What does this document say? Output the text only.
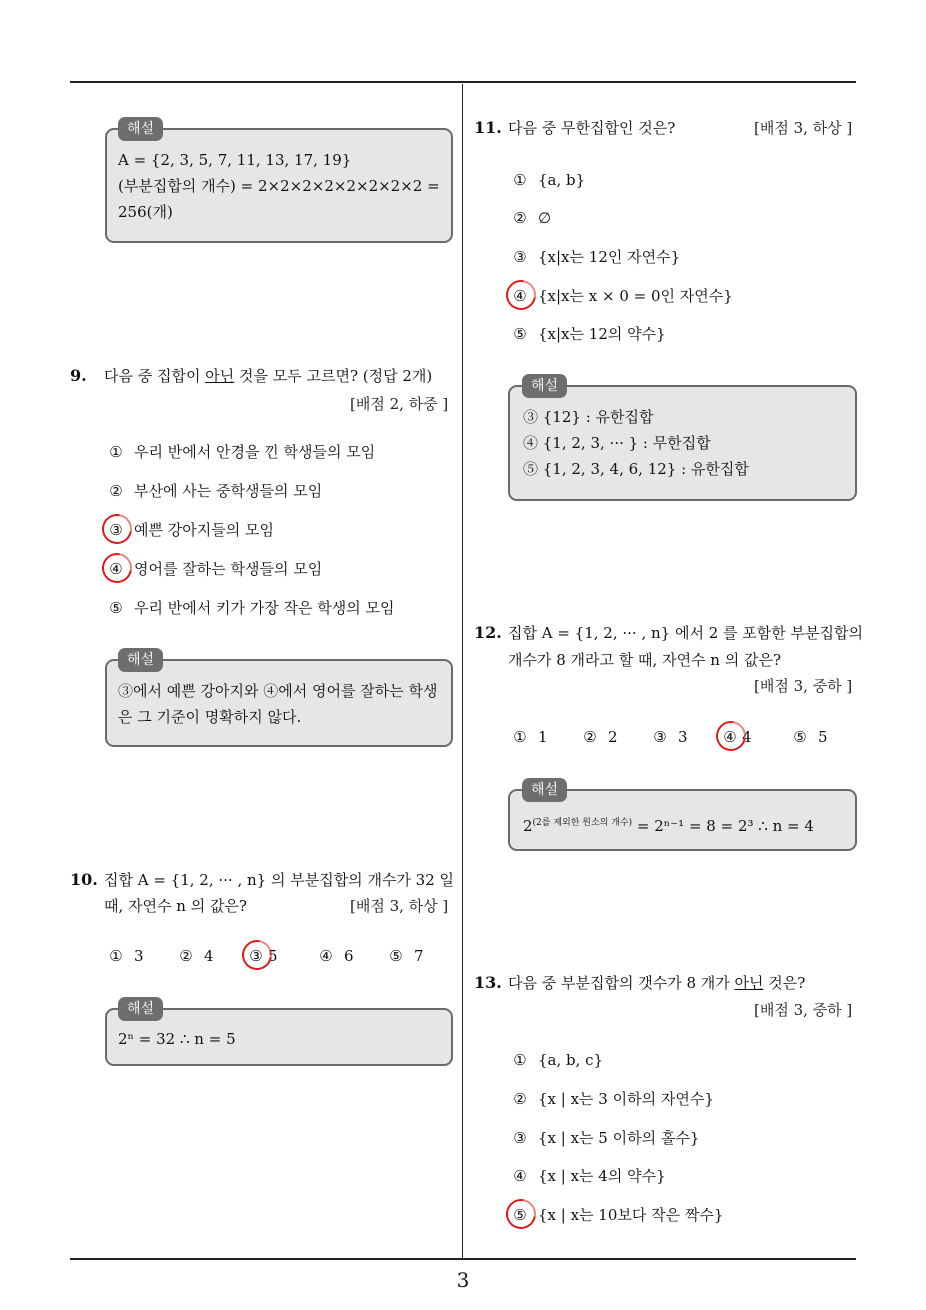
3
A = {2, 3, 5, 7, 11, 13, 17, 19}
(부분집합의 개수) = 2×2×2×2×2×2×2×2 =
256(개)
해설
9. 다음 중 집합이 아닌 것을 모두 고르면? (정답 2개)
[배점 2, 하중 ]
① 우리 반에서 안경을 낀 학생들의 모임
② 부산에 사는 중학생들의 모임
③ 예쁜 강아지들의 모임
④ 영어를 잘하는 학생들의 모임
⑤ 우리 반에서 키가 가장 작은 학생의 모임
③에서 예쁜 강아지와 ④에서 영어를 잘하는 학생
은 그 기준이 명확하지 않다.
해설
10. 집합 A = {1, 2, ··· , n} 의 부분집합의 개수가 32 일
때, 자연수 n 의 값은?	[배점 3, 하상 ]
① 3 ② 4 ③ 5	④ 6 ⑤ 7
2ⁿ = 32 ∴ n = 5
해설
11. 다음 중 무한집합인 것은?	[배점 3, 하상 ]
① {a, b}
② ∅
③ {x|x는 12인 자연수}
④ {x|x는 x × 0 = 0인 자연수}
⑤ {x|x는 12의 약수}
③ {12} : 유한집합
④ {1, 2, 3, ··· } : 무한집합
⑤ {1, 2, 3, 4, 6, 12} : 유한집합
해설
12. 집합 A = {1, 2, ··· , n} 에서 2 를 포함한 부분집합의
개수가 8 개라고 할 때, 자연수 n 의 값은?
[배점 3, 중하 ]
① 1 ② 2 ③ 3 ④ 4	⑤ 5
$2^{(2를 제외한 원소의 개수)} = 2^{n-1} = 8 = 2^3$ ∴ n = 4
해설
13. 다음 중 부분집합의 갯수가 8 개가 아닌 것은?
[배점 3, 중하 ]
① {a, b, c}
② {x | x는 3 이하의 자연수}
③ {x | x는 5 이하의 홀수}
④ {x | x는 4의 약수}
⑤ {x | x는 10보다 작은 짝수}
